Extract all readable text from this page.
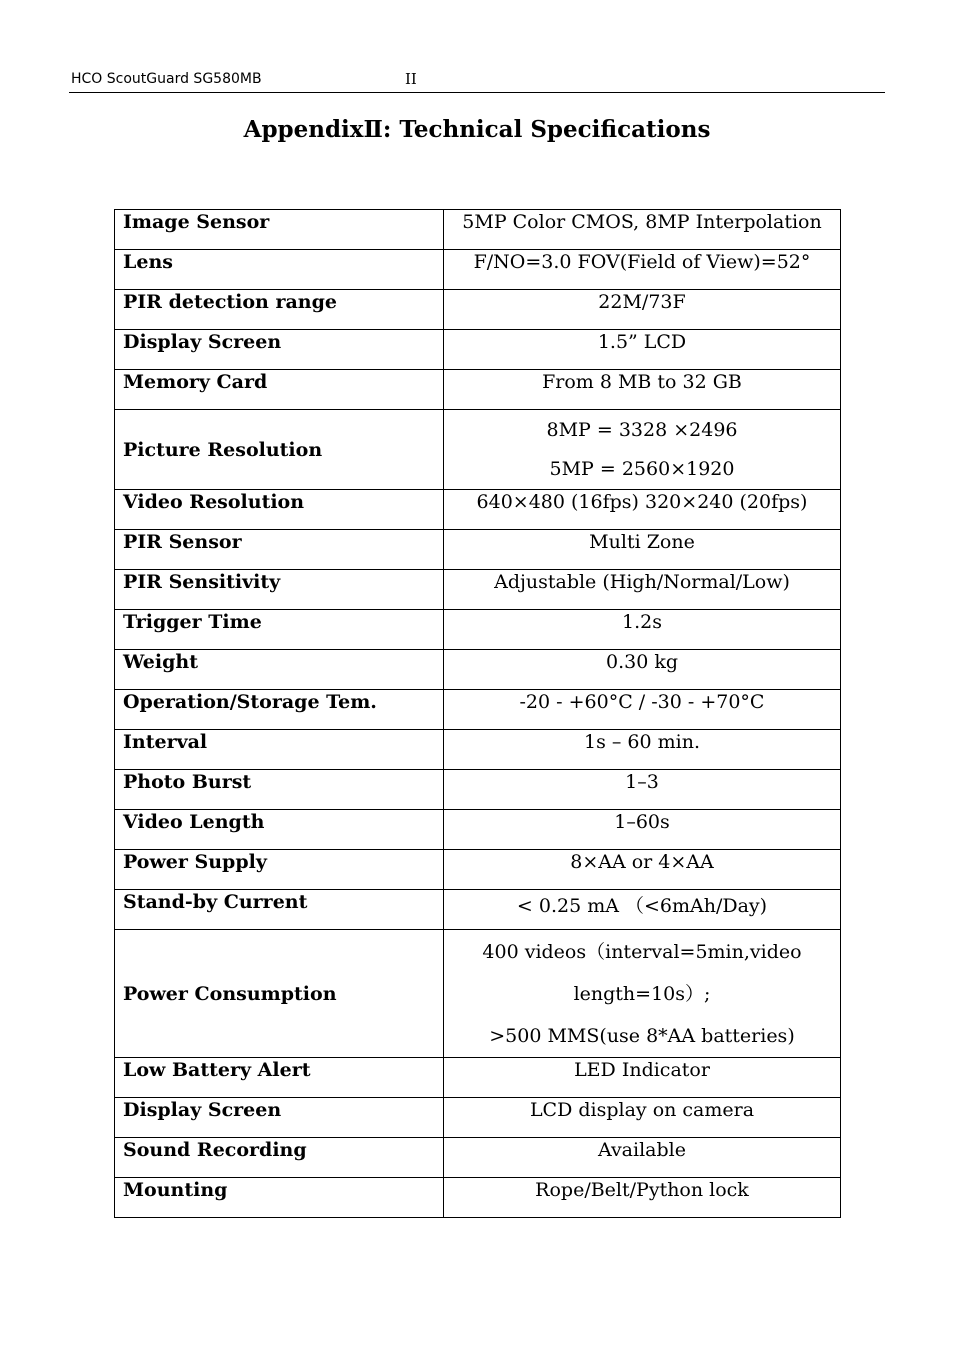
HCO ScoutGuard SG580MB	II
AppendixⅡ: Technical Specifications
Image Sensor	5MP Color CMOS, 8MP Interpolation

Lens	F/NO=3.0 FOV(Field of View)=52°

PIR detection range	22M/73F

Display Screen	1.5” LCD

Memory Card	From 8 MB to 32 GB

Picture Resolution	8MP = 3328 ×2496
5MP = 2560×1920

Video Resolution	640×480 (16fps) 320×240 (20fps)

PIR Sensor	Multi Zone

PIR Sensitivity	Adjustable (High/Normal/Low)

Trigger Time	1.2s

Weight	0.30 kg

Operation/Storage Tem.	-20 - +60°C / -30 - +70°C

Interval	1s – 60 min.

Photo Burst	1–3

Video Length	1–60s

Power Supply	8×AA or 4×AA

Stand-by Current	< 0.25 mA （<6mAh/Day)

Power Consumption	400 videos（interval=5min,video
length=10s）;
>500 MMS(use 8*AA batteries)

Low Battery Alert	LED Indicator

Display Screen	LCD display on camera

Sound Recording	Available

Mounting	Rope/Belt/Python lock
